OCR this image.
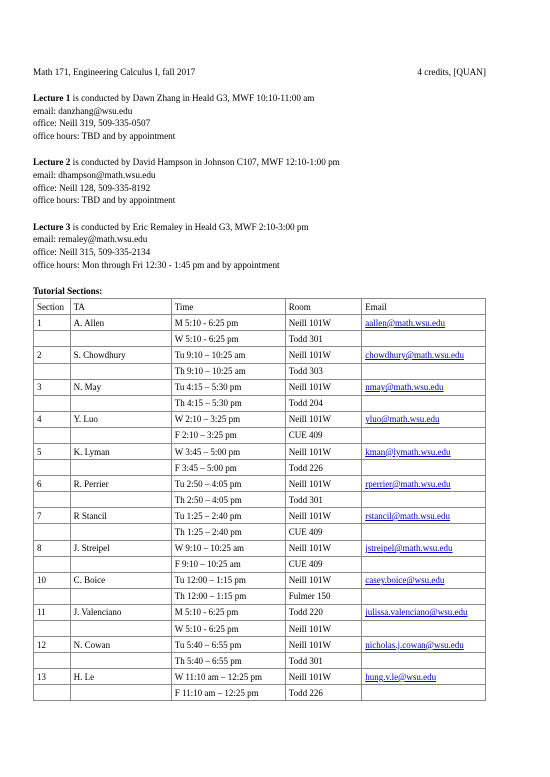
Math 171, Engineering Calculus I, fall 2017	4 credits, [QUAN]
Lecture 1 is conducted by Dawn Zhang in Heald G3, MWF 10:10-11:00 am
email: danzhang@wsu.edu
office: Neill 319, 509-335-0507
office hours: TBD and by appointment
Lecture 2 is conducted by David Hampson in Johnson C107, MWF 12:10-1:00 pm
email: dhampson@math.wsu.edu
office: Neill 128, 509-335-8192
office hours: TBD and by appointment
Lecture 3 is conducted by Eric Remaley in Heald G3, MWF 2:10-3:00 pm
email: remaley@math.wsu.edu
office: Neill 315, 509-335-2134
office hours: Mon through Fri 12:30 - 1:45 pm and by appointment
Tutorial Sections:
Section	TA	Time	Room	Email
1	A. Allen	M 5:10 - 6:25 pm	Neill 101W	aallen@math.wsu.edu
		W 5:10 - 6:25 pm	Todd 301	
2	S. Chowdhury	Tu 9:10 – 10:25 am	Neill 101W	chowdhury@math.wsu.edu
		Th 9:10 – 10:25 am	Todd 303	
3	N. May	Tu 4:15 – 5:30 pm	Neill 101W	nmay@math.wsu.edu
		Th 4:15 – 5:30 pm	Todd 204	
4	Y. Luo	W 2:10 – 3:25 pm	Neill 101W	yluo@math.wsu.edu
		F 2:10 – 3:25 pm	CUE 409	
5	K. Lyman	W 3:45 – 5:00 pm	Neill 101W	kman@lymath.wsu.edu
		F 3:45 – 5:00 pm	Todd 226	
6	R. Perrier	Tu 2:50 – 4:05 pm	Neill 101W	rperrier@math.wsu.edu
		Th 2:50 – 4:05 pm	Todd 301	
7	R Stancil	Tu 1:25 – 2:40 pm	Neill 101W	rstancil@math.wsu.edu
		Th 1:25 – 2:40 pm	CUE 409	
8	J. Streipel	W 9:10 – 10:25 am	Neill 101W	jstreipel@math.wsu.edu
		F 9:10 – 10:25 am	CUE 409	
10	C. Boice	Tu 12:00 – 1:15 pm	Neill 101W	casey.boice@wsu.edu
		Th 12:00 – 1:15 pm	Fulmer 150	
11	J. Valenciano	M 5:10 - 6:25 pm	Todd 220	julissa.valenciano@wsu.edu
		W 5:10 - 6:25 pm	Neill 101W	
12	N. Cowan	Tu 5:40 – 6:55 pm	Neill 101W	nicholas.j.cowan@wsu.edu
		Th 5:40 – 6:55 pm	Todd 301	
13	H. Le	W 11:10 am – 12:25 pm	Neill 101W	hung.v.le@wsu.edu
		F 11:10 am – 12:25 pm	Todd 226	
